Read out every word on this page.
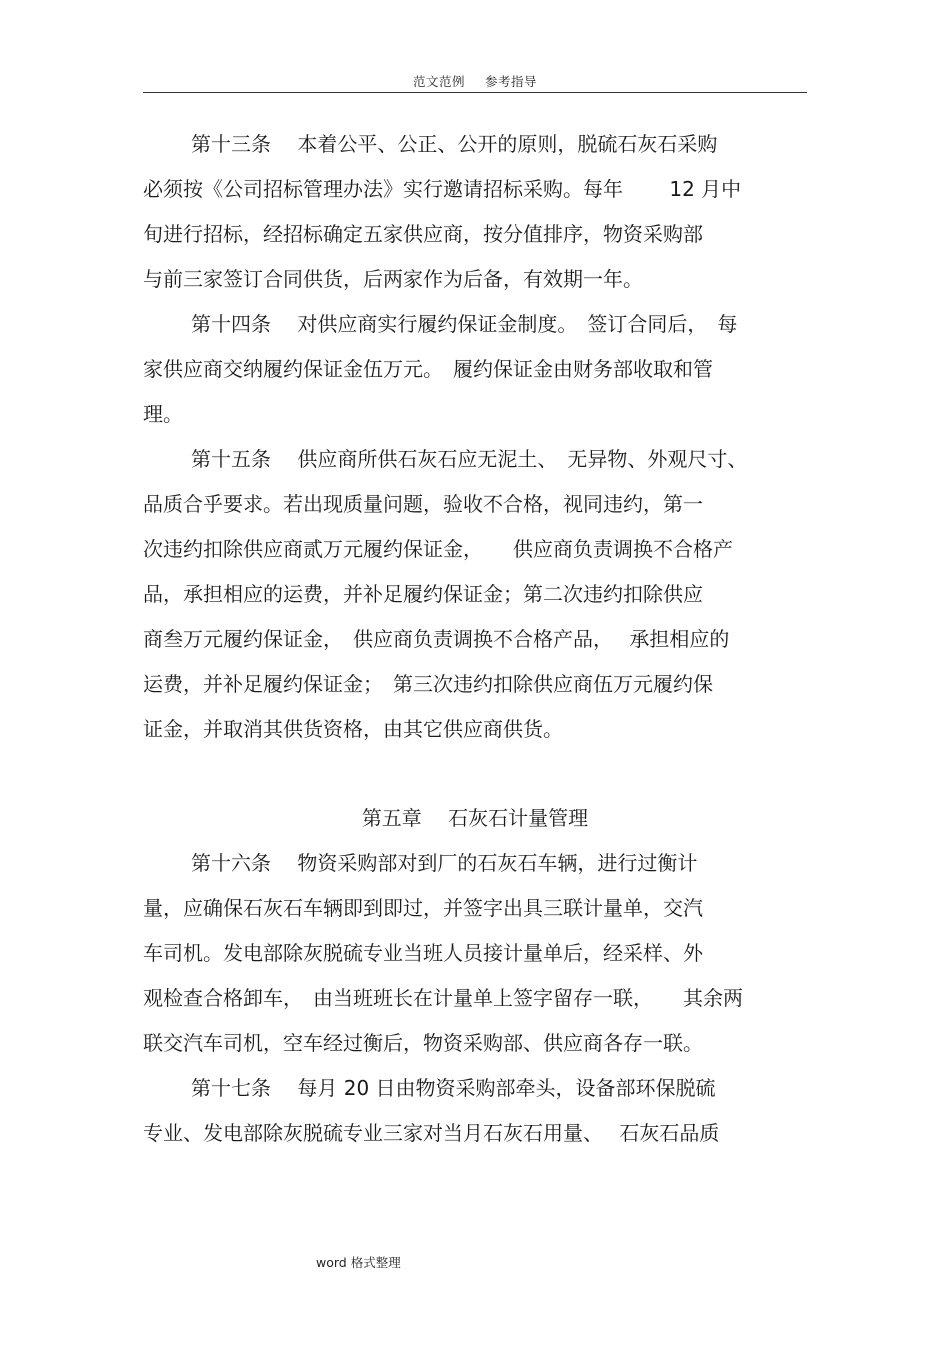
范文范例 参考指导
第十三条　 本着公平、公正、公开的原则，脱硫石灰石采购
必须按《公司招标管理办法》实行邀请招标采购。每年　　 12 月中
旬进行招标，经招标确定五家供应商，按分值排序，物资采购部
与前三家签订合同供货，后两家作为后备，有效期一年。
第十四条　 对供应商实行履约保证金制度。　签订合同后，　每
家供应商交纳履约保证金伍万元。　履约保证金由财务部收取和管
理。
第十五条　 供应商所供石灰石应无泥土、　无异物、外观尺寸、
品质合乎要求。若出现质量问题，验收不合格，视同违约，第一
次违约扣除供应商贰万元履约保证金，　　供应商负责调换不合格产
品，承担相应的运费，并补足履约保证金；第二次违约扣除供应
商叁万元履约保证金，　供应商负责调换不合格产品，　 承担相应的
运费，并补足履约保证金；　第三次违约扣除供应商伍万元履约保
证金，并取消其供货资格，由其它供应商供货。
第五章　 石灰石计量管理
第十六条　 物资采购部对到厂的石灰石车辆，进行过衡计
量，应确保石灰石车辆即到即过，并签字出具三联计量单，交汽
车司机。发电部除灰脱硫专业当班人员接计量单后，经采样、外
观检查合格卸车，　由当班班长在计量单上签字留存一联，　　其余两
联交汽车司机，空车经过衡后，物资采购部、供应商各存一联。
第十七条　 每月 20 日由物资采购部牵头，设备部环保脱硫
专业、发电部除灰脱硫专业三家对当月石灰石用量、　 石灰石品质
word 格式整理
